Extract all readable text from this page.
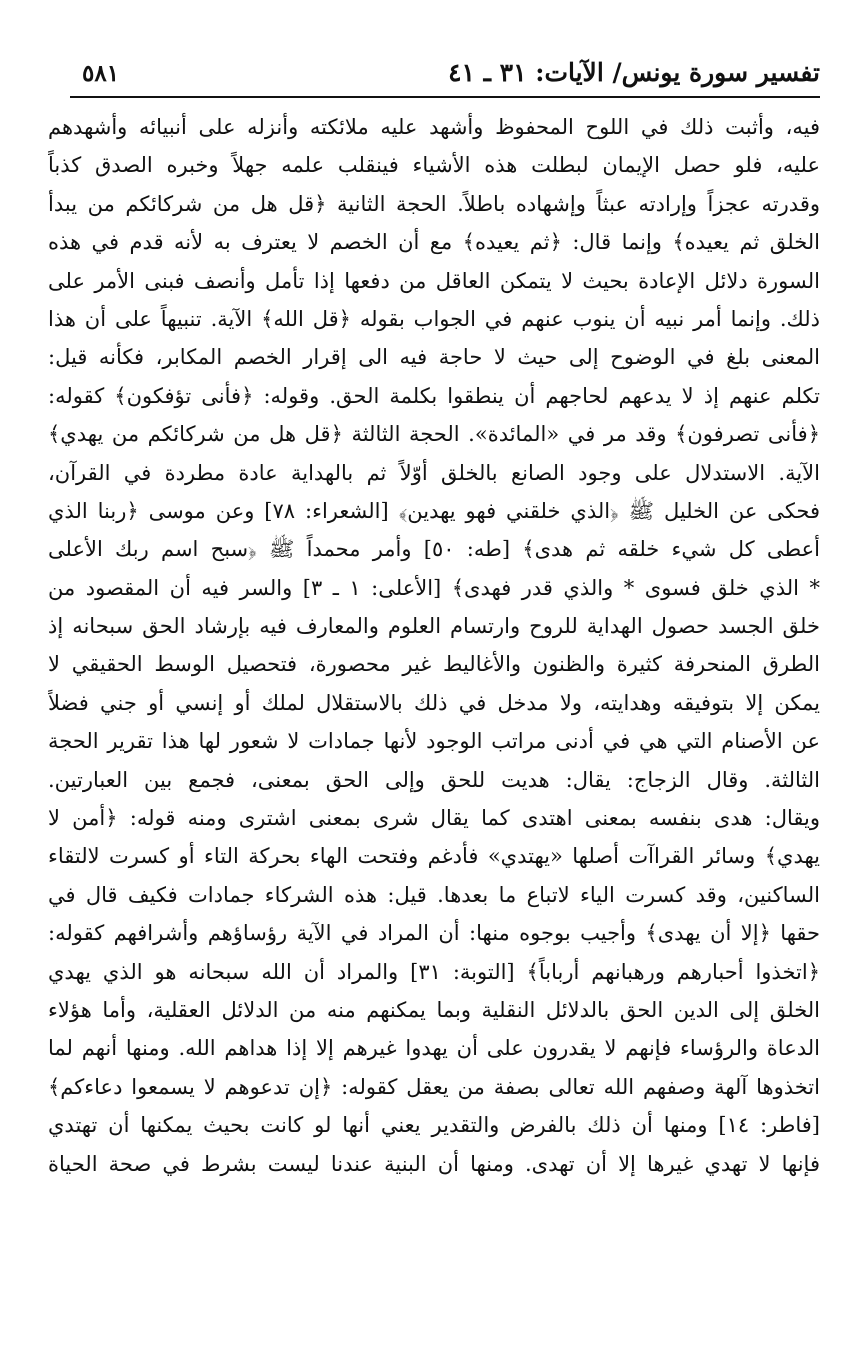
تفسير سورة يونس/ الآيات: ٣١ ـ ٤١
٥٨١
فيه، وأثبت ذلك في اللوح المحفوظ وأشهد عليه ملائكته وأنزله على أنبيائه وأشهدهم
عليه، فلو حصل الإيمان لبطلت هذه الأشياء فينقلب علمه جهلاً وخبره الصدق كذباً
وقدرته عجزاً وإرادته عبثاً وإشهاده باطلاً. الحجة الثانية ﴿قل هل من شركائكم من يبدأ
الخلق ثم يعيده﴾ وإنما قال: ﴿ثم يعيده﴾ مع أن الخصم لا يعترف به لأنه قدم في هذه
السورة دلائل الإعادة بحيث لا يتمكن العاقل من دفعها إذا تأمل وأنصف فبنى الأمر على
ذلك. وإنما أمر نبيه أن ينوب عنهم في الجواب بقوله ﴿قل الله﴾ الآية. تنبيهاً على أن هذا
المعنى بلغ في الوضوح إلى حيث لا حاجة فيه الى إقرار الخصم المكابر، فكأنه قيل:
تكلم عنهم إذ لا يدعهم لحاجهم أن ينطقوا بكلمة الحق. وقوله: ﴿فأنى تؤفكون﴾ كقوله:
﴿فأنى تصرفون﴾ وقد مر في «المائدة». الحجة الثالثة ﴿قل هل من شركائكم من يهدي﴾
الآية. الاستدلال على وجود الصانع بالخلق أوّلاً ثم بالهداية عادة مطردة في القرآن،
فحكى عن الخليل ﷺ ﴿الذي خلقني فهو يهدين﴾ [الشعراء: ٧٨] وعن موسى ﴿ربنا الذي
أعطى كل شيء خلقه ثم هدى﴾ [طه: ٥٠] وأمر محمداً ﷺ ﴿سبح اسم ربك الأعلى
* الذي خلق فسوى * والذي قدر فهدى﴾ [الأعلى: ١ ـ ٣] والسر فيه أن المقصود من
خلق الجسد حصول الهداية للروح وارتسام العلوم والمعارف فيه بإرشاد الحق سبحانه إذ
الطرق المنحرفة كثيرة والظنون والأغاليط غير محصورة، فتحصيل الوسط الحقيقي لا
يمكن إلا بتوفيقه وهدايته، ولا مدخل في ذلك بالاستقلال لملك أو إنسي أو جني فضلاً
عن الأصنام التي هي في أدنى مراتب الوجود لأنها جمادات لا شعور لها هذا تقرير الحجة
الثالثة. وقال الزجاج: يقال: هديت للحق وإلى الحق بمعنى، فجمع بين العبارتين.
ويقال: هدى بنفسه بمعنى اهتدى كما يقال شرى بمعنى اشترى ومنه قوله: ﴿أمن لا
يهدي﴾ وسائر القراآت أصلها «يهتدي» فأدغم وفتحت الهاء بحركة التاء أو كسرت لالتقاء
الساكنين، وقد كسرت الياء لاتباع ما بعدها. قيل: هذه الشركاء جمادات فكيف قال في
حقها ﴿إلا أن يهدى﴾ وأجيب بوجوه منها: أن المراد في الآية رؤساؤهم وأشرافهم كقوله:
﴿اتخذوا أحبارهم ورهبانهم أرباباً﴾ [التوبة: ٣١] والمراد أن الله سبحانه هو الذي يهدي
الخلق إلى الدين الحق بالدلائل النقلية وبما يمكنهم منه من الدلائل العقلية، وأما هؤلاء
الدعاة والرؤساء فإنهم لا يقدرون على أن يهدوا غيرهم إلا إذا هداهم الله. ومنها أنهم لما
اتخذوها آلهة وصفهم الله تعالى بصفة من يعقل كقوله: ﴿إن تدعوهم لا يسمعوا دعاءكم﴾
[فاطر: ١٤] ومنها أن ذلك بالفرض والتقدير يعني أنها لو كانت بحيث يمكنها أن تهتدي
فإنها لا تهدي غيرها إلا أن تهدى. ومنها أن البنية عندنا ليست بشرط في صحة الحياة
